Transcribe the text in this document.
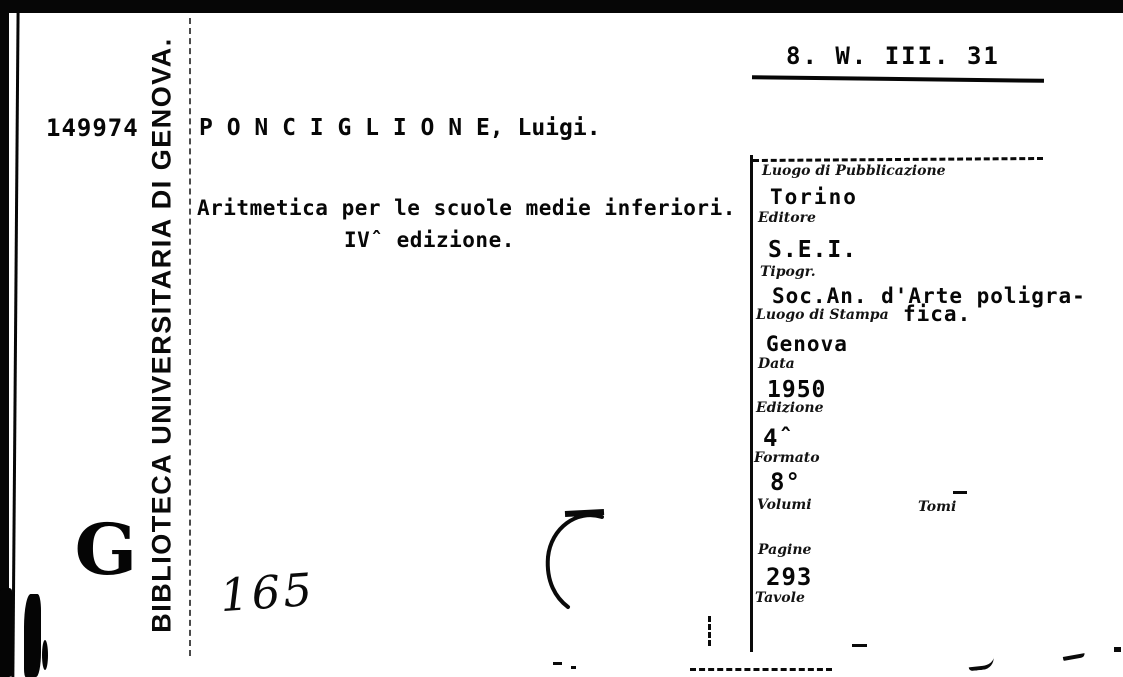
BIBLIOTECA UNIVERSITARIA DI GENOVA.
149974	P O N C I G L I O N E, Luigi.
Aritmetica per le scuole medie inferiori.
IVˆ edizione.
8. W. III. 31
G
165
Luogo di Pubblicazione
Torino
Editore
S.E.I.
Tipogr.
Soc.An. d'Arte poligra-
fica.
Luogo di Stampa
Genova
Data
1950
Edizione
4ˆ
Formato
8°
Volumi	Tomi
Pagine
293
Tavole
